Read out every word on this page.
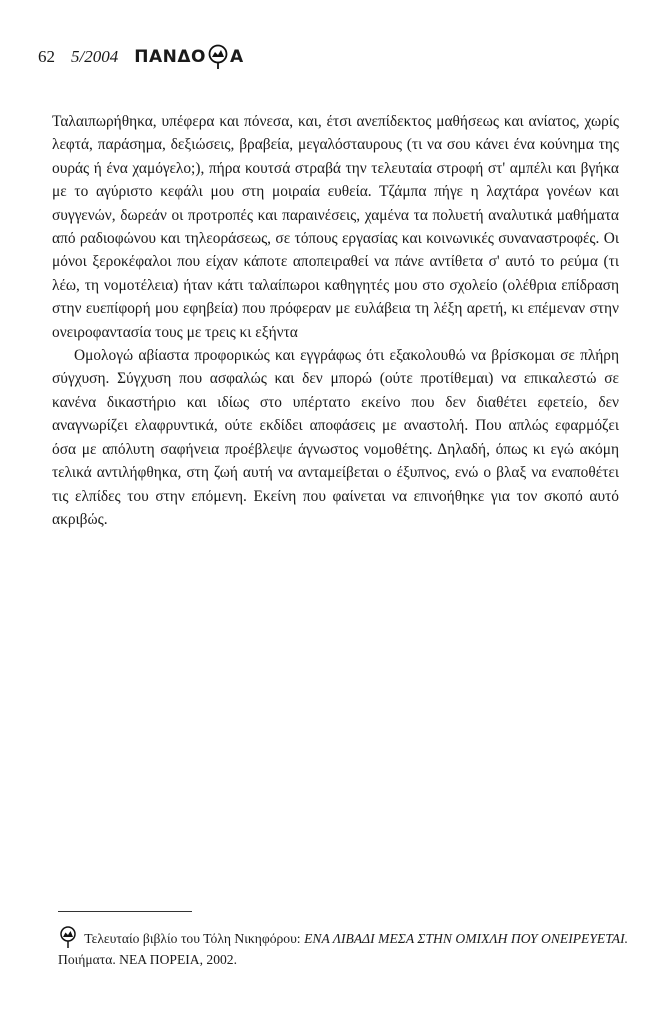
62 5/2004 ΠΑΝΔΟ Α

Ταλαιπωρήθηκα, υπέφερα και πόνεσα, και, έτσι ανεπίδεκτος μαθήσεως και ανίατος, χωρίς λεφτά, παράσημα, δεξιώσεις, βραβεία, μεγαλόσταυρους (τι να σου κάνει ένα κούνημα της ουράς ή ένα χαμόγελο;), πήρα κουτσά στραβά την τελευταία στροφή στ' αμπέλι και βγήκα με το αγύριστο κεφάλι μου στη μοιραία ευθεία. Τζάμπα πήγε η λαχτάρα γονέων και συγγενών, δωρεάν οι προτροπές και παραινέσεις, χαμένα τα πολυετή αναλυτικά μαθήματα από ραδιοφώνου και τηλεοράσεως, σε τόπους εργασίας και κοινωνικές συναναστροφές. Οι μόνοι ξεροκέφαλοι που είχαν κάποτε αποπειραθεί να πάνε αντίθετα σ' αυτό το ρεύμα (τι λέω, τη νομοτέλεια) ήταν κάτι ταλαίπωροι καθηγητές μου στο σχολείο (ολέθρια επίδραση στην ευεπίφορή μου εφηβεία) που πρόφεραν με ευλάβεια τη λέξη αρετή, κι επέμεναν στην ονειροφαντασία τους με τρεις κι εξήντα

Ομολογώ αβίαστα προφορικώς και εγγράφως ότι εξακολουθώ να βρίσκομαι σε πλήρη σύγχυση. Σύγχυση που ασφαλώς και δεν μπορώ (ούτε προτίθεμαι) να επικαλεστώ σε κανένα δικαστήριο και ιδίως στο υπέρτατο εκείνο που δεν διαθέτει εφετείο, δεν αναγνωρίζει ελαφρυντικά, ούτε εκδίδει αποφάσεις με αναστολή. Που απλώς εφαρμόζει όσα με απόλυτη σαφήνεια προέβλεψε άγνωστος νομοθέτης. Δηλαδή, όπως κι εγώ ακόμη τελικά αντιλήφθηκα, στη ζωή αυτή να ανταμείβεται ο έξυπνος, ενώ ο βλαξ να εναποθέτει τις ελπίδες του στην επόμενη. Εκείνη που φαίνεται να επινοήθηκε για τον σκοπό αυτό ακριβώς.

Τελευταίο βιβλίο του Τόλη Νικηφόρου: ΕΝΑ ΛΙΒΑΔΙ ΜΕΣΑ ΣΤΗΝ ΟΜΙΧΛΗ ΠΟΥ ΟΝΕΙΡΕΥΕΤΑΙ. Ποιήματα. ΝΕΑ ΠΟΡΕΙΑ, 2002.
